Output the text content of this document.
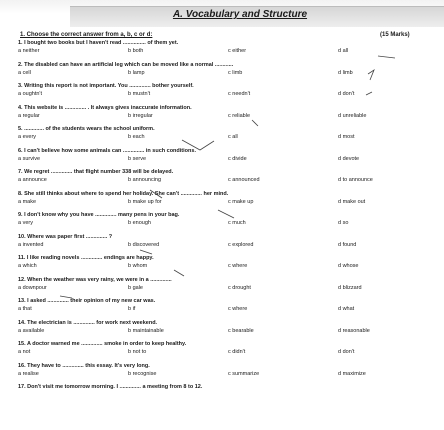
A. Vocabulary and Structure
1. Choose the correct answer from a, b, c or d:	(15 Marks)
1. I bought two books but I haven't read ............... of them yet.
a neither	b both	c either	d all
2. The disabled can have an artificial leg which can be moved like a normal ............
a cell	b lamp	c limb	d limb
3. Writing this report is not important. You .............. bother yourself.
a oughtn't	b mustn't	c needn't	d don't
4. This website is .............. . It always gives inaccurate information.
a regular	b irregular	c reliable	d unreliable
5. ............. of the students wears the school uniform.
a every	b each	c all	d most
6. I can't believe how some animals can .............. in such conditions.
a survive	b serve	c divide	d devote
7. We regret .............. that flight number 338 will be delayed.
a announce	b announcing	c announced	d to announce
8. She still thinks about where to spend her holiday. She can't .............. her mind.
a make	b make up for	c make up	d make out
9. I don't know why you have .............. many pens in your bag.
a very	b enough	c much	d so
10. Where was paper first .............. ?
a invented	b discovered	c explored	d found
11. I like reading novels .............. endings are happy.
a which	b whom	c where	d whose
12. When the weather was very rainy, we were in a ..............
a downpour	b gale	c drought	d blizzard
13. I asked .............. their opinion of my new car was.
a that	b if	c where	d what
14. The electrician is .............. for work next weekend.
a available	b maintainable	c bearable	d reasonable
15. A doctor warned me .............. smoke in order to keep healthy.
a not	b not to	c didn't	d don't
16. They have to .............. this essay. It's very long.
a realise	b recognise	c summarize	d maximize
17. Don't visit me tomorrow morning. I .............. a meeting from 8 to 12.
